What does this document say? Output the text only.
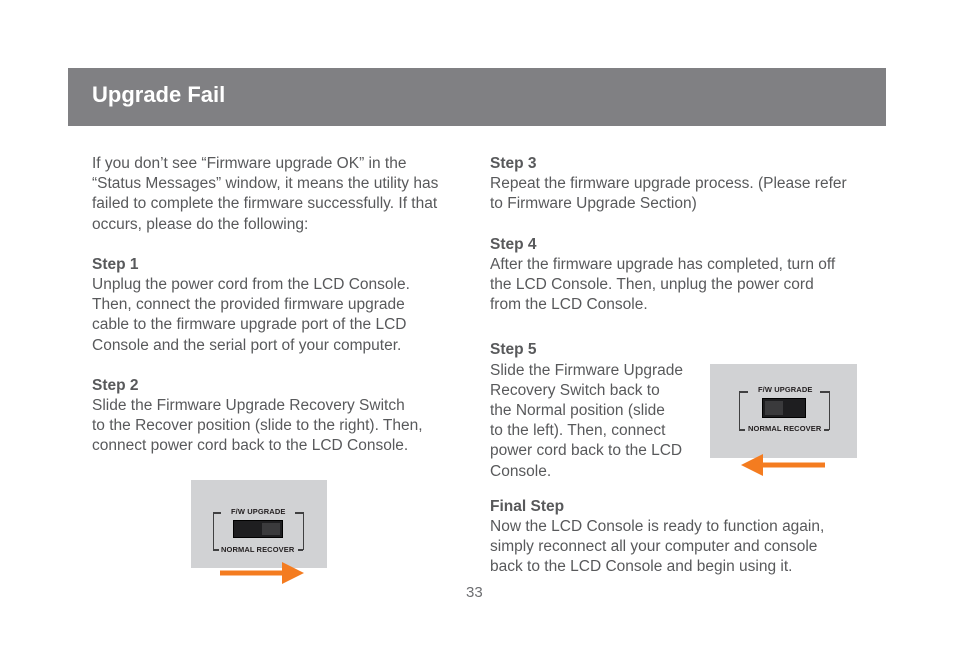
Upgrade Fail

If you don’t see “Firmware upgrade OK” in the

“Status Messages” window, it means the utility has

failed to complete the firmware successfully. If that

occurs, please do the following:

Step 1

Unplug the power cord from the LCD Console.

Then, connect the provided firmware upgrade

cable to the firmware upgrade port of the LCD

Console and the serial port of your computer.

Step 2

Slide the Firmware Upgrade Recovery Switch

to the Recover position (slide to the right). Then,

connect power cord back to the LCD Console.

F/W UPGRADE
NORMAL RECOVER

Step 3

Repeat the firmware upgrade process. (Please refer

to Firmware Upgrade Section)

Step 4

After the firmware upgrade has completed, turn off

the LCD Console. Then, unplug the power cord

from the LCD Console.

Step 5

Slide the Firmware Upgrade

Recovery Switch back to

the Normal position (slide

to the left). Then, connect

power cord back to the LCD

Console.

Final Step

Now the LCD Console is ready to function again,

simply reconnect all your computer and console

back to the LCD Console and begin using it.

F/W UPGRADE
NORMAL RECOVER
33
